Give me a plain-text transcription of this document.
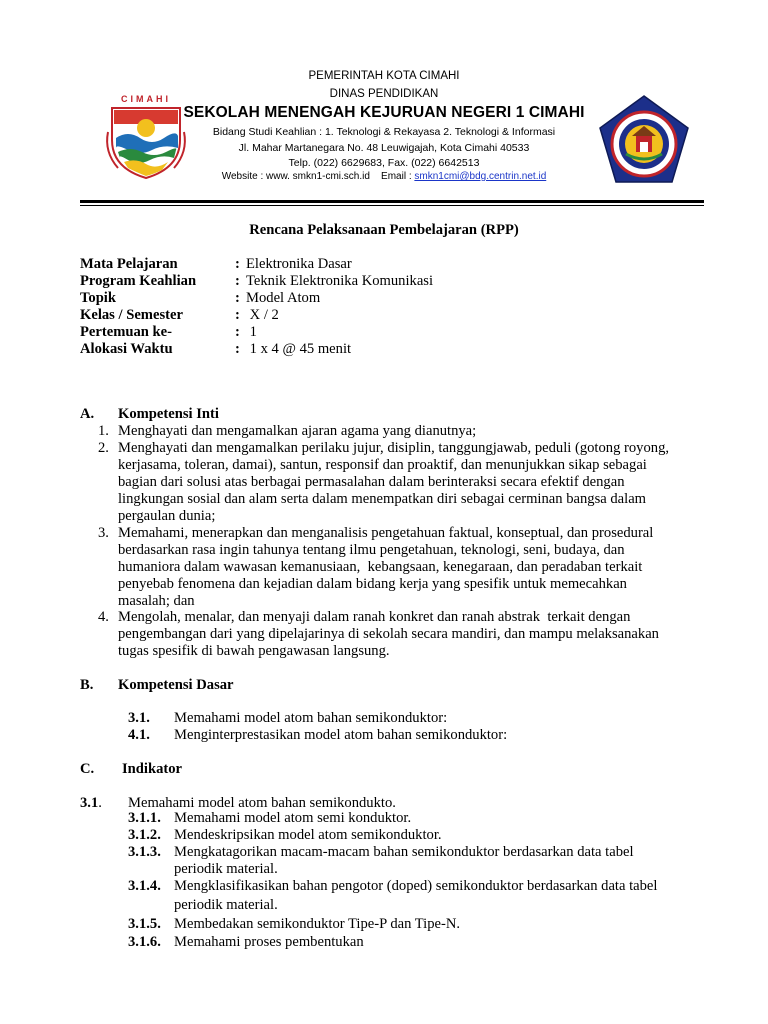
PEMERINTAH KOTA CIMAHI
DINAS PENDIDIKAN
SEKOLAH MENENGAH KEJURUAN NEGERI 1 CIMAHI
Bidang Studi Keahlian : 1. Teknologi & Rekayasa 2. Teknologi & Informasi
Jl. Mahar Martanegara No. 48 Leuwigajah, Kota Cimahi 40533
Telp. (022) 6629683, Fax. (022) 6642513
Website : www. smkn1-cmi.sch.id    Email : smkn1cmi@bdg.centrin.net.id
CIMAHI
Rencana Pelaksanaan Pembelajaran (RPP)
Mata Pelajaran	: Elektronika Dasar
Program Keahlian	: Teknik Elektronika Komunikasi
Topik	: Model Atom
Kelas / Semester	: X / 2
Pertemuan ke-	: 1
Alokasi Waktu	: 1 x 4 @ 45 menit
A. Kompetensi Inti
1. Menghayati dan mengamalkan ajaran agama yang dianutnya;
2. Menghayati dan mengamalkan perilaku jujur, disiplin, tanggungjawab, peduli (gotong royong,
kerjasama, toleran, damai), santun, responsif dan proaktif, dan menunjukkan sikap sebagai
bagian dari solusi atas berbagai permasalahan dalam berinteraksi secara efektif dengan
lingkungan sosial dan alam serta dalam menempatkan diri sebagai cerminan bangsa dalam
pergaulan dunia;
3. Memahami, menerapkan dan menganalisis pengetahuan faktual, konseptual, dan prosedural
berdasarkan rasa ingin tahunya tentang ilmu pengetahuan, teknologi, seni, budaya, dan
humaniora dalam wawasan kemanusiaan,  kebangsaan, kenegaraan, dan peradaban terkait
penyebab fenomena dan kejadian dalam bidang kerja yang spesifik untuk memecahkan
masalah; dan
4. Mengolah, menalar, dan menyaji dalam ranah konkret dan ranah abstrak  terkait dengan
pengembangan dari yang dipelajarinya di sekolah secara mandiri, dan mampu melaksanakan
tugas spesifik di bawah pengawasan langsung.
B. Kompetensi Dasar
3.1. Memahami model atom bahan semikonduktor:
4.1. Menginterprestasikan model atom bahan semikonduktor:
C. Indikator
3.1. Memahami model atom bahan semikondukto.
3.1.1. Memahami model atom semi konduktor.
3.1.2. Mendeskripsikan model atom semikonduktor.
3.1.3. Mengkatagorikan macam-macam bahan semikonduktor berdasarkan data tabel
periodik material.
3.1.4. Mengklasifikasikan bahan pengotor (doped) semikonduktor berdasarkan data tabel
periodik material.
3.1.5. Membedakan semikonduktor Tipe-P dan Tipe-N.
3.1.6. Memahami proses pembentukan
